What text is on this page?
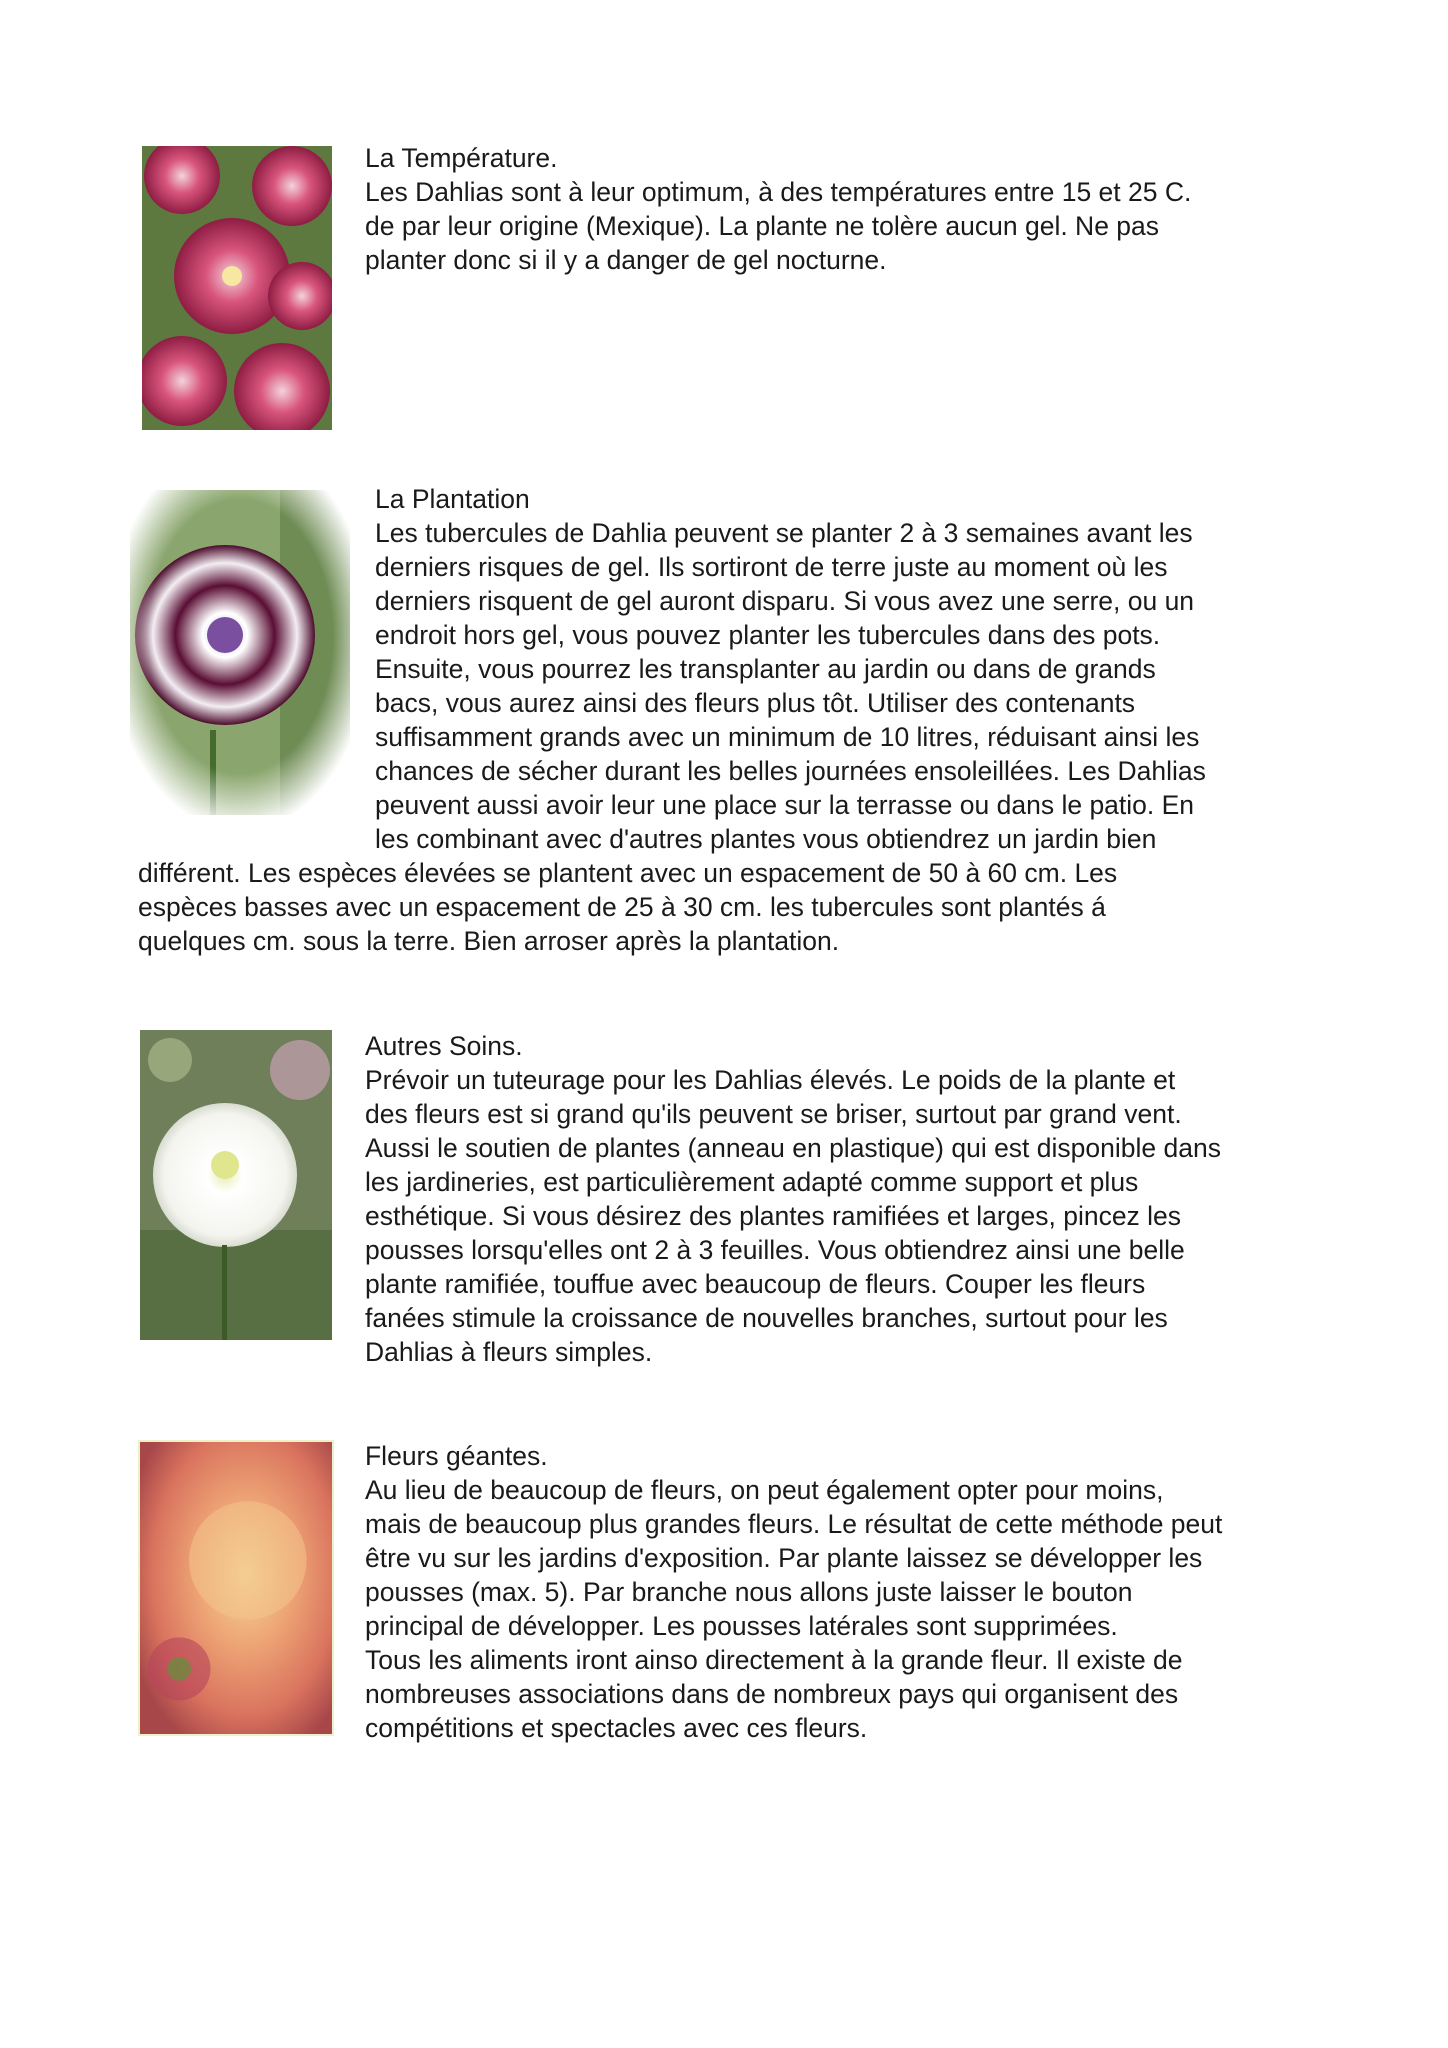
La Température.
Les Dahlias sont à leur optimum, à des températures entre 15 et 25 C.
de par leur origine (Mexique). La plante ne tolère aucun gel. Ne pas
planter donc si il y a danger de gel nocturne.
La Plantation
Les tubercules de Dahlia peuvent se planter 2 à 3 semaines avant les
derniers risques de gel. Ils sortiront de terre juste au moment où les
derniers risquent de gel auront disparu. Si vous avez une serre, ou un
endroit hors gel, vous pouvez planter les tubercules dans des pots.
Ensuite, vous pourrez les transplanter au jardin ou dans de grands
bacs, vous aurez ainsi des fleurs plus tôt. Utiliser des contenants
suffisamment grands avec un minimum de 10 litres, réduisant ainsi les
chances de sécher durant les belles journées ensoleillées. Les Dahlias
peuvent aussi avoir leur une place sur la terrasse ou dans le patio. En
les combinant avec d'autres plantes vous obtiendrez un jardin bien
différent. Les espèces élevées se plantent avec un espacement de 50 à 60 cm. Les
espèces basses avec un espacement de 25 à 30 cm. les tubercules sont plantés á
quelques cm. sous la terre. Bien arroser après la plantation.
Autres Soins.
Prévoir un tuteurage pour les Dahlias élevés. Le poids de la plante et
des fleurs est si grand qu'ils peuvent se briser, surtout par grand vent.
Aussi le soutien de plantes (anneau en plastique) qui est disponible dans
les jardineries, est particulièrement adapté comme support et plus
esthétique. Si vous désirez des plantes ramifiées et larges, pincez les
pousses lorsqu'elles ont 2 à 3 feuilles. Vous obtiendrez ainsi une belle
plante ramifiée, touffue avec beaucoup de fleurs. Couper les fleurs
fanées stimule la croissance de nouvelles branches, surtout pour les
Dahlias à fleurs simples.
Fleurs géantes.
Au lieu de beaucoup de fleurs, on peut également opter pour moins,
mais de beaucoup plus grandes fleurs. Le résultat de cette méthode peut
être vu sur les jardins d'exposition. Par plante laissez se développer les
pousses (max. 5). Par branche nous allons juste laisser le bouton
principal de développer. Les pousses latérales sont supprimées.
Tous les aliments iront ainso directement à la grande fleur. Il existe de
nombreuses associations dans de nombreux pays qui organisent des
compétitions et spectacles avec ces fleurs.
